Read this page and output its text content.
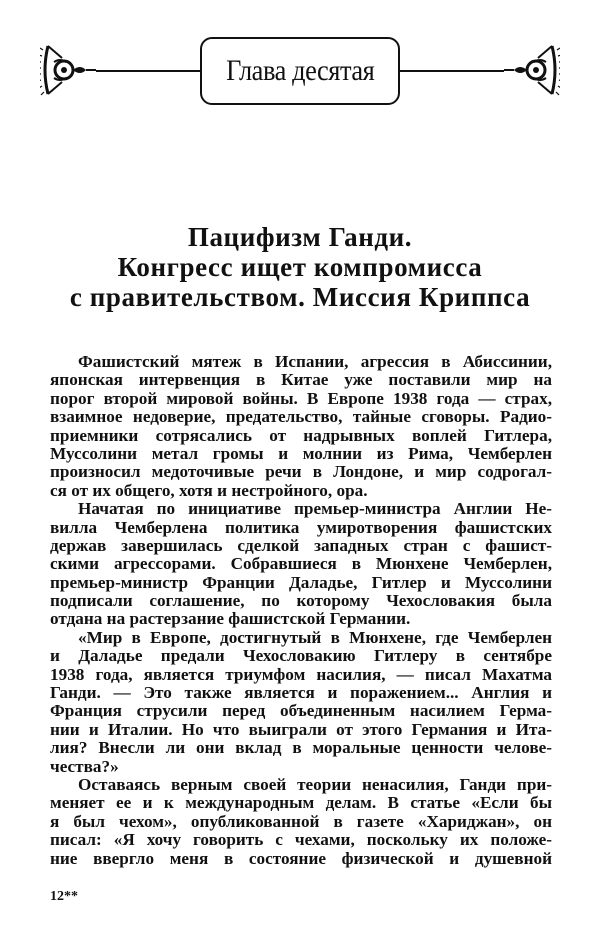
Глава десятая
Пацифизм Ганди.
Конгресс ищет компромисса
с правительством. Миссия Криппса
Фашистский мятеж в Испании, агрессия в Абиссинии,
японская интервенция в Китае уже поставили мир на
порог второй мировой войны. В Европе 1938 года — страх,
взаимное недоверие, предательство, тайные сговоры. Радио-
приемники сотрясались от надрывных воплей Гитлера,
Муссолини метал громы и молнии из Рима, Чемберлен
произносил медоточивые речи в Лондоне, и мир содрогал-
ся от их общего, хотя и нестройного, ора.
Начатая по инициативе премьер-министра Англии Не-
вилла Чемберлена политика умиротворения фашистских
держав завершилась сделкой западных стран с фашист-
скими агрессорами. Собравшиеся в Мюнхене Чемберлен,
премьер-министр Франции Даладье, Гитлер и Муссолини
подписали соглашение, по которому Чехословакия была
отдана на растерзание фашистской Германии.
«Мир в Европе, достигнутый в Мюнхене, где Чемберлен
и Даладье предали Чехословакию Гитлеру в сентябре
1938 года, является триумфом насилия, — писал Махатма
Ганди. — Это также является и поражением... Англия и
Франция струсили перед объединенным насилием Герма-
нии и Италии. Но что выиграли от этого Германия и Ита-
лия? Внесли ли они вклад в моральные ценности челове-
чества?»
Оставаясь верным своей теории ненасилия, Ганди при-
меняет ее и к международным делам. В статье «Если бы
я был чехом», опубликованной в газете «Хариджан», он
писал: «Я хочу говорить с чехами, поскольку их положе-
ние ввергло меня в состояние физической и душевной
12**
